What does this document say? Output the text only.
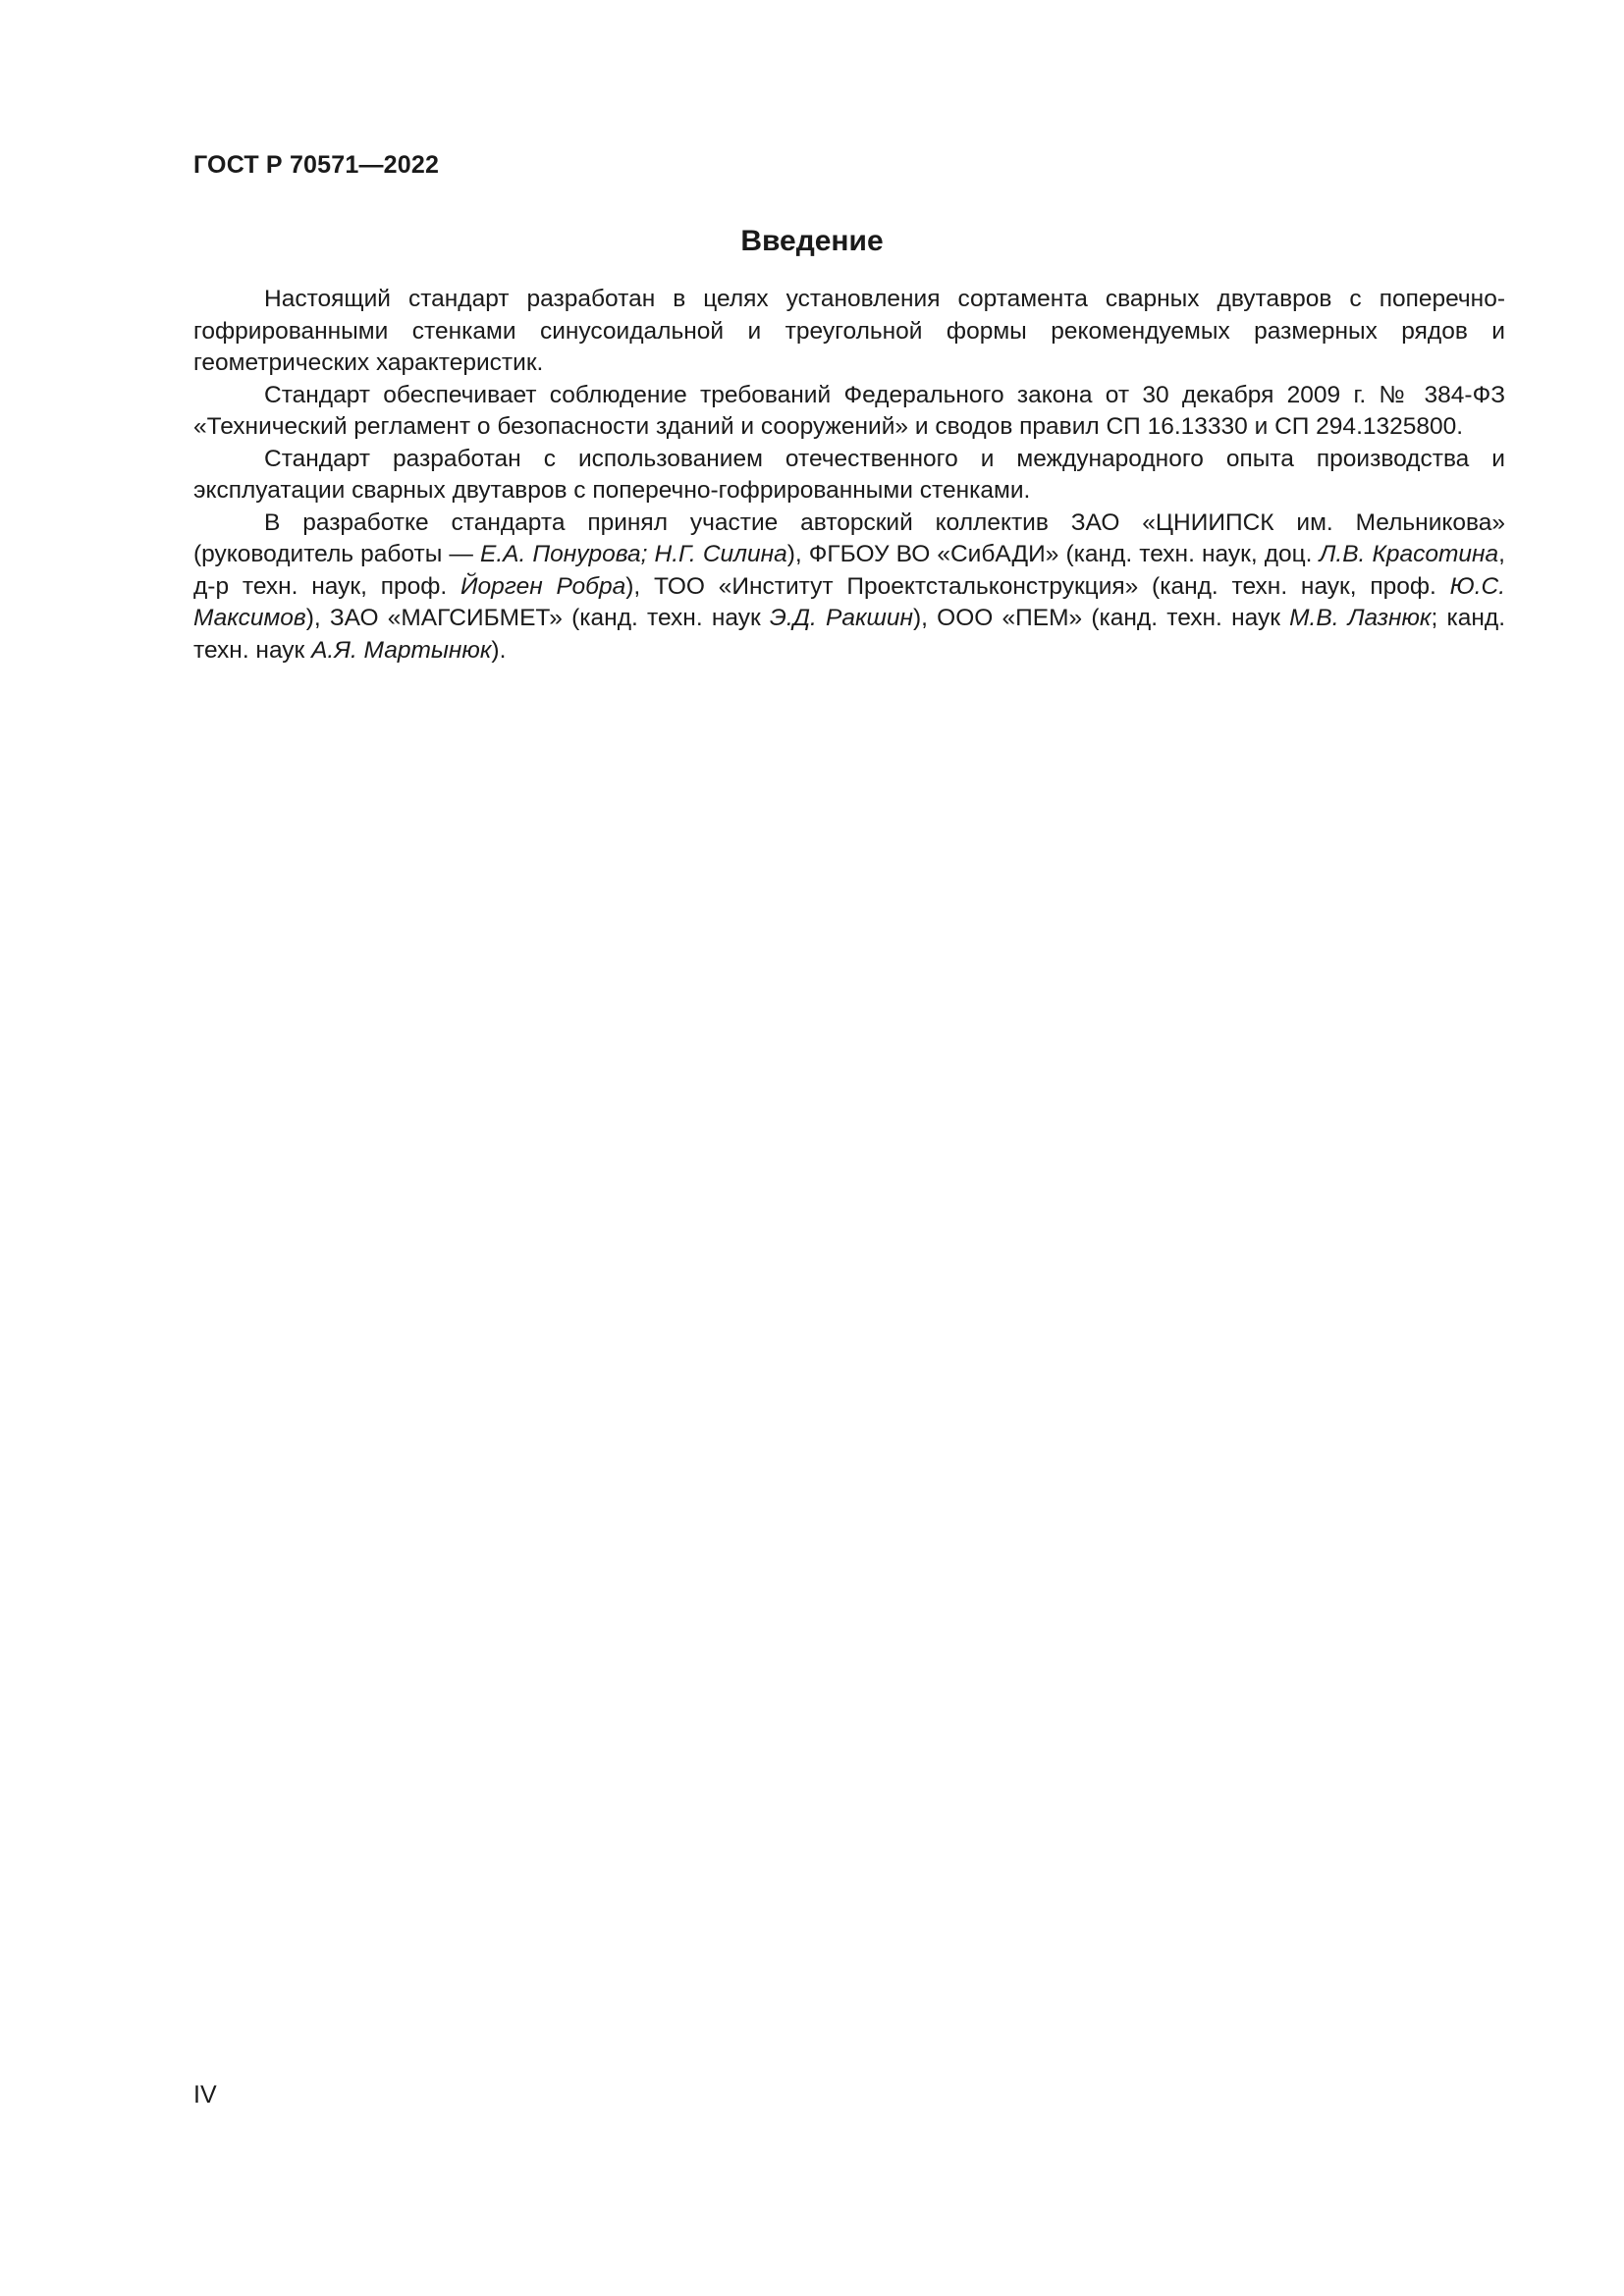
ГОСТ Р 70571—2022
Введение

Настоящий стандарт разработан в целях установления сортамента сварных двутавров с поперечно-гофрированными стенками синусоидальной и треугольной формы рекомендуемых размерных рядов и геометрических характеристик.

Стандарт обеспечивает соблюдение требований Федерального закона от 30 декабря 2009 г. № 384-ФЗ «Технический регламент о безопасности зданий и сооружений» и сводов правил СП 16.13330 и СП 294.1325800.

Стандарт разработан с использованием отечественного и международного опыта производства и эксплуатации сварных двутавров с поперечно-гофрированными стенками.

В разработке стандарта принял участие авторский коллектив ЗАО «ЦНИИПСК им. Мельникова» (руководитель работы — Е.А. Понурова; Н.Г. Силина), ФГБОУ ВО «СибАДИ» (канд. техн. наук, доц. Л.В. Красотина, д-р техн. наук, проф. Йорген Робра), ТОО «Институт Проектстальконструкция» (канд. техн. наук, проф. Ю.С. Максимов), ЗАО «МАГСИБМЕТ» (канд. техн. наук Э.Д. Ракшин), ООО «ПЕМ» (канд. техн. наук М.В. Лазнюк; канд. техн. наук А.Я. Мартынюк).

IV
